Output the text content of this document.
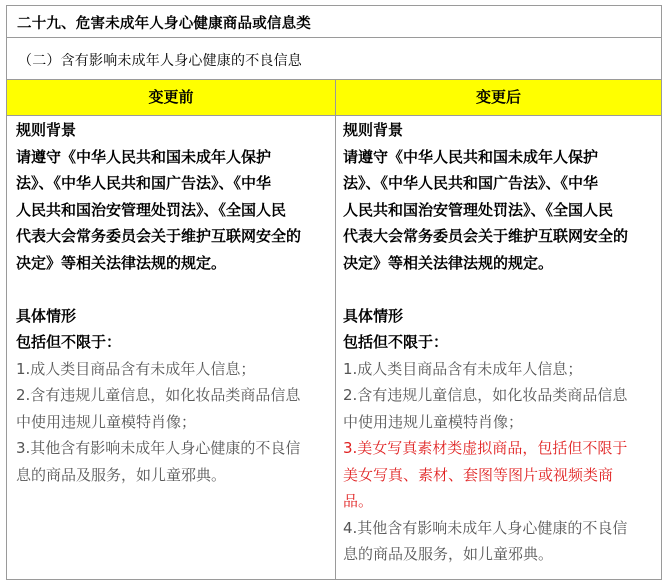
二十九、危害未成年人身心健康商品或信息类
（二）含有影响未成年人身心健康的不良信息
变更前	变更后
规则背景
请遵守《中华人民共和国未成年人保护
法》、《中华人民共和国广告法》、《中华
人民共和国治安管理处罚法》、《全国人民
代表大会常务委员会关于维护互联网安全的
决定》等相关法律法规的规定。
具体情形
包括但不限于：
1.成人类目商品含有未成年人信息；
2.含有违规儿童信息，如化妆品类商品信息
中使用违规儿童模特肖像；
3.其他含有影响未成年人身心健康的不良信
息的商品及服务，如儿童邪典。
规则背景
请遵守《中华人民共和国未成年人保护
法》、《中华人民共和国广告法》、《中华
人民共和国治安管理处罚法》、《全国人民
代表大会常务委员会关于维护互联网安全的
决定》等相关法律法规的规定。
具体情形
包括但不限于：
1.成人类目商品含有未成年人信息；
2.含有违规儿童信息，如化妆品类商品信息
中使用违规儿童模特肖像；
3.美女写真素材类虚拟商品，包括但不限于
美女写真、素材、套图等图片或视频类商
品。
4.其他含有影响未成年人身心健康的不良信
息的商品及服务，如儿童邪典。
